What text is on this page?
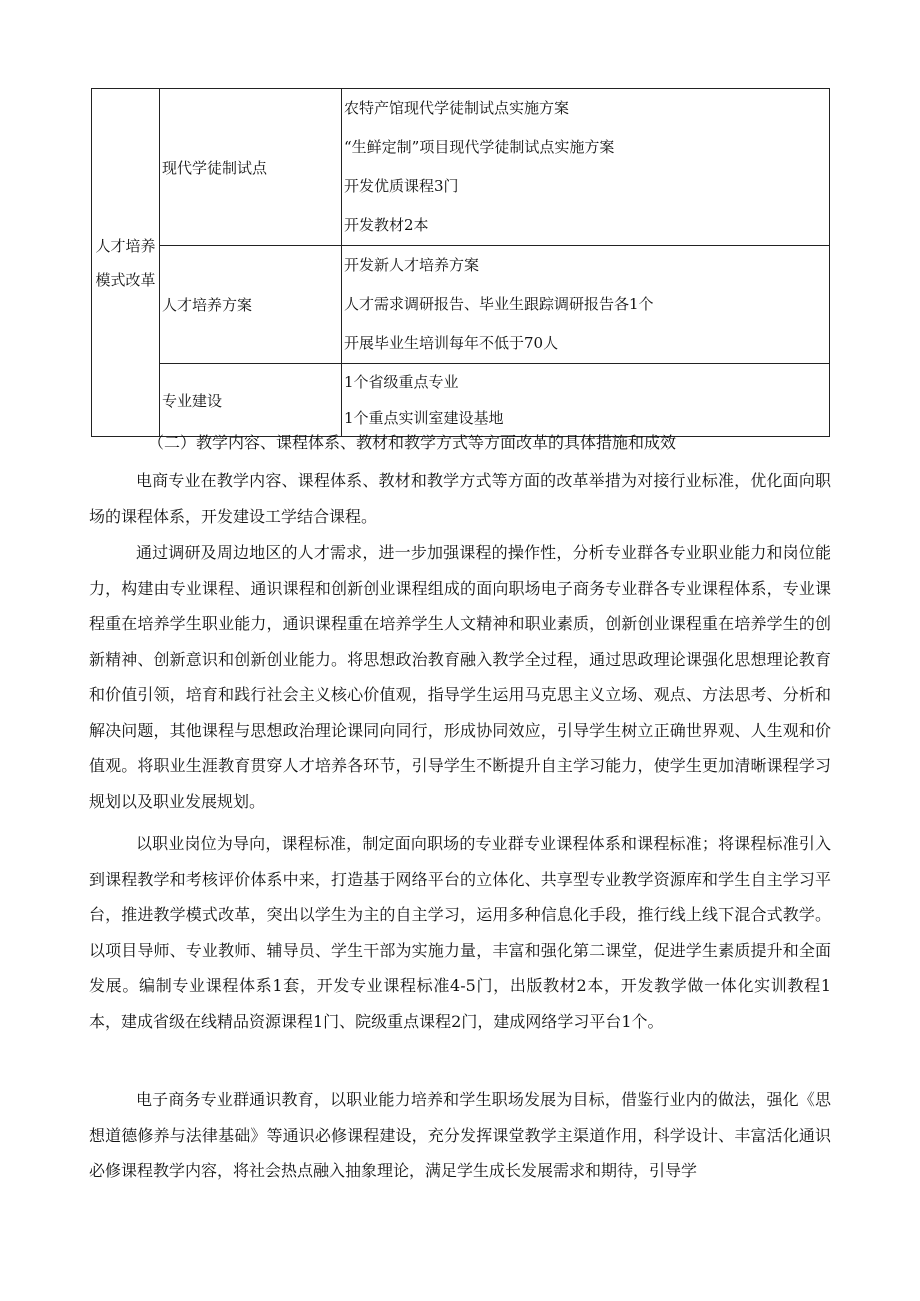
人才培养模式改革	现代学徒制试点	农特产馆现代学徒制试点实施方案
“生鲜定制”项目现代学徒制试点实施方案
开发优质课程3门
开发教材2本

	人才培养方案	开发新人才培养方案
人才需求调研报告、毕业生跟踪调研报告各1个
开展毕业生培训每年不低于70人

	专业建设	1个省级重点专业
1个重点实训室建设基地
（二）教学内容、课程体系、教材和教学方式等方面改革的具体措施和成效

电商专业在教学内容、课程体系、教材和教学方式等方面的改革举措为对接行业标准，优化面向职场的课程体系，开发建设工学结合课程。

通过调研及周边地区的人才需求，进一步加强课程的操作性，分析专业群各专业职业能力和岗位能力，构建由专业课程、通识课程和创新创业课程组成的面向职场电子商务专业群各专业课程体系，专业课程重在培养学生职业能力，通识课程重在培养学生人文精神和职业素质，创新创业课程重在培养学生的创新精神、创新意识和创新创业能力。将思想政治教育融入教学全过程，通过思政理论课强化思想理论教育和价值引领，培育和践行社会主义核心价值观，指导学生运用马克思主义立场、观点、方法思考、分析和解决问题，其他课程与思想政治理论课同向同行，形成协同效应，引导学生树立正确世界观、人生观和价值观。将职业生涯教育贯穿人才培养各环节，引导学生不断提升自主学习能力，使学生更加清晰课程学习规划以及职业发展规划。

以职业岗位为导向，课程标准，制定面向职场的专业群专业课程体系和课程标准；将课程标准引入到课程教学和考核评价体系中来，打造基于网络平台的立体化、共享型专业教学资源库和学生自主学习平台，推进教学模式改革，突出以学生为主的自主学习，运用多种信息化手段，推行线上线下混合式教学。以项目导师、专业教师、辅导员、学生干部为实施力量，丰富和强化第二课堂，促进学生素质提升和全面发展。编制专业课程体系1套，开发专业课程标准4-5门，出版教材2本，开发教学做一体化实训教程1本，建成省级在线精品资源课程1门、院级重点课程2门，建成网络学习平台1个。

电子商务专业群通识教育，以职业能力培养和学生职场发展为目标，借鉴行业内的做法，强化《思想道德修养与法律基础》等通识必修课程建设，充分发挥课堂教学主渠道作用，科学设计、丰富活化通识必修课程教学内容，将社会热点融入抽象理论，满足学生成长发展需求和期待，引导学
